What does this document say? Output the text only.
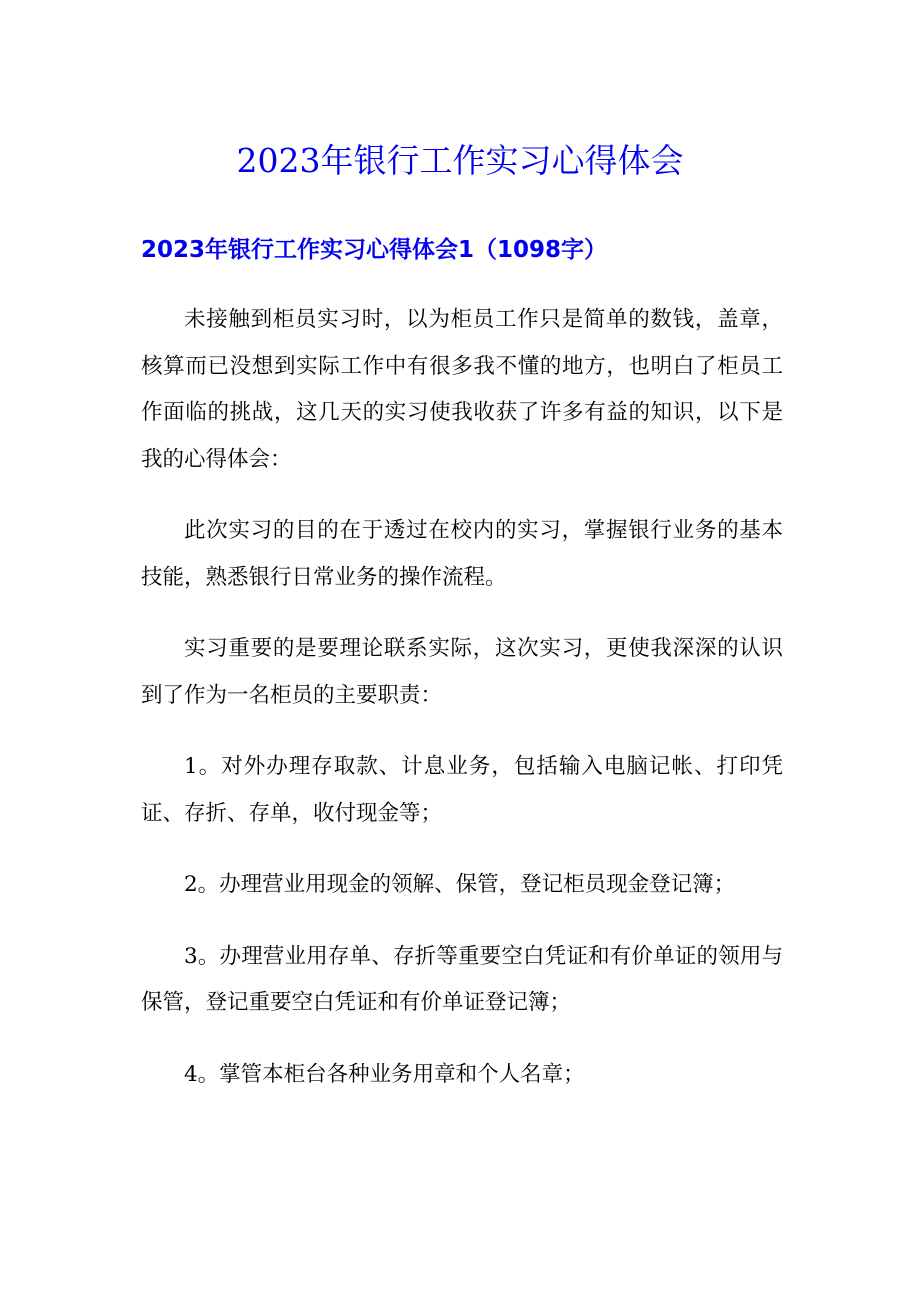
2023年银行工作实习心得体会
2023年银行工作实习心得体会1（1098字）

未接触到柜员实习时，以为柜员工作只是简单的数钱，盖章，核算而已没想到实际工作中有很多我不懂的地方，也明白了柜员工作面临的挑战，这几天的实习使我收获了许多有益的知识，以下是我的心得体会：

此次实习的目的在于透过在校内的实习，掌握银行业务的基本技能，熟悉银行日常业务的操作流程。

实习重要的是要理论联系实际，这次实习，更使我深深的认识到了作为一名柜员的主要职责：

1。对外办理存取款、计息业务，包括输入电脑记帐、打印凭证、存折、存单，收付现金等；

2。办理营业用现金的领解、保管，登记柜员现金登记簿；

3。办理营业用存单、存折等重要空白凭证和有价单证的领用与保管，登记重要空白凭证和有价单证登记簿；

4。掌管本柜台各种业务用章和个人名章；
